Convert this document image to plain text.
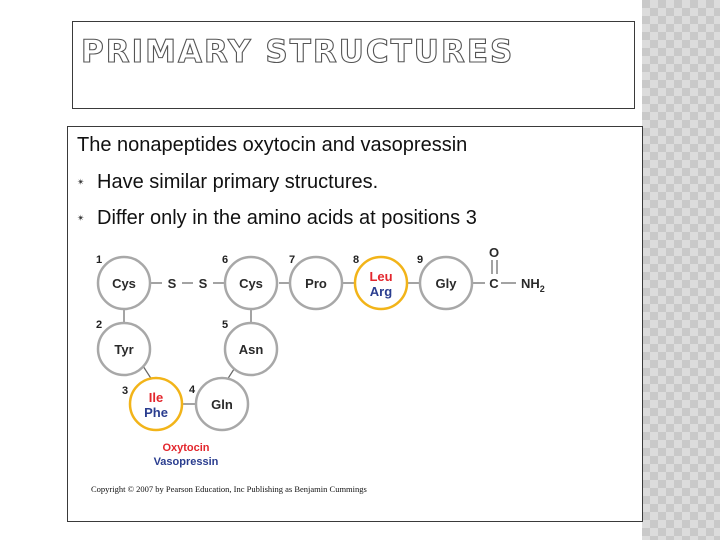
PRIMARY STRUCTURES
The nonapeptides oxytocin and vasopressin
✴ Have similar primary structures.
✴ Differ only in the amino acids at positions 3
Cys
Tyr
Ile
Phe
Gln
Asn
Cys	Pro	Leu
Arg
Gly
1
2
3	4
5
6	7	8	9
S S
O
C $NH_2$
Oxytocin
Vasopressin
Copyright © 2007 by Pearson Education, Inc Publishing as Benjamin Cummings
